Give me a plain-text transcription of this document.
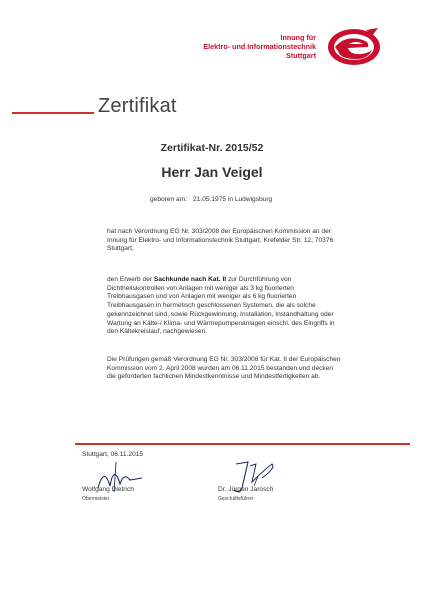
Innung für
Elektro- und Informationstechnik
Stuttgart
Zertifikat
Zertifikat-Nr. 2015/52
Herr Jan Veigel
geboren am: 21.05.1975 in Ludwigsburg
hat nach Verordnung EG Nr. 303/2008 der Europäischen Kommission an der Innung für Elektro- und Informationstechnik Stuttgart, Krefelder Str. 12, 70376 Stuttgart,
den Erwerb der Sachkunde nach Kat. II zur Durchführung von Dichtheitskontrollen von Anlagen mit weniger als 3 kg fluorierten Treibhausgasen und von Anlagen mit weniger als 6 kg fluorierten Treibhausgasen in hermetisch geschlossenen Systemen, die als solche gekennzeichnet sind, sowie Rückgewinnung, Installation, Instandhaltung oder Wartung an Kälte-/ Klima- und Wärmepumpenanlagen einschl. des Eingriffs in den Kältekreislauf, nachgewiesen.
Die Prüfungen gemäß Verordnung EG Nr. 303/2008 für Kat. II der Europäischen Kommission vom 2. April 2008 wurden am 06.11.2015 bestanden und decken die geforderten fachlichen Mindestkenntnisse und Mindestfertigkeiten ab.
Stuttgart, 06.11.2015
Wolfgang Dietrich
Obermeister
Dr. Jürgen Jarosch
Geschäftsführer
